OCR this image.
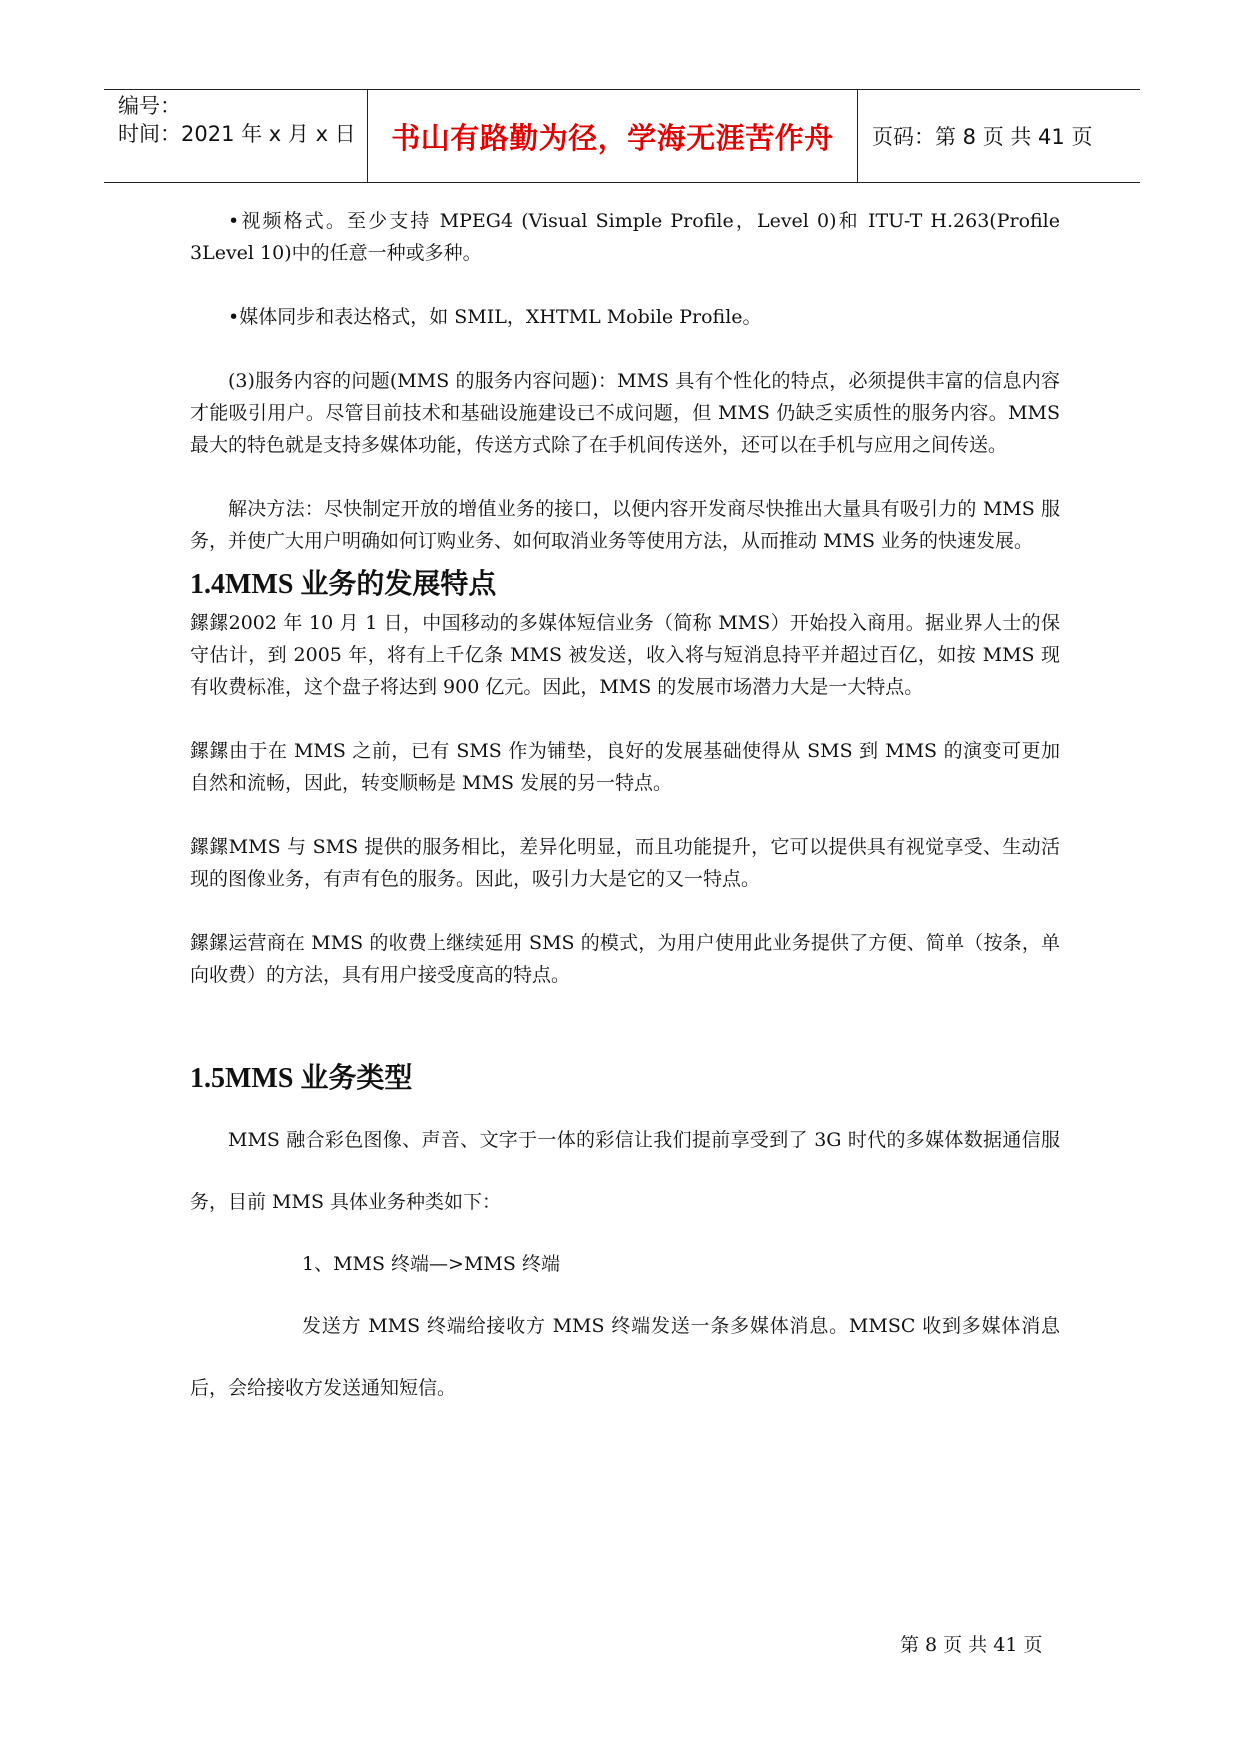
编号：
时间：2021 年 x 月 x 日	书山有路勤为径，学海无涯苦作舟	页码：第 8 页 共 41 页

•视频格式。至少支持 MPEG4 (Visual Simple Profile，Level 0)和 ITU-T H.263(Profile 3Level 10)中的任意一种或多种。

•媒体同步和表达格式，如 SMIL，XHTML Mobile Profile。

(3)服务内容的问题(MMS 的服务内容问题)：MMS 具有个性化的特点，必须提供丰富的信息内容才能吸引用户。尽管目前技术和基础设施建设已不成问题，但 MMS 仍缺乏实质性的服务内容。MMS 最大的特色就是支持多媒体功能，传送方式除了在手机间传送外，还可以在手机与应用之间传送。

解决方法：尽快制定开放的增值业务的接口，以便内容开发商尽快推出大量具有吸引力的 MMS 服务，并使广大用户明确如何订购业务、如何取消业务等使用方法，从而推动 MMS 业务的快速发展。

1.4MMS 业务的发展特点

鏍鏍2002 年 10 月 1 日，中国移动的多媒体短信业务（简称 MMS）开始投入商用。据业界人士的保守估计，到 2005 年，将有上千亿条 MMS 被发送，收入将与短消息持平并超过百亿，如按 MMS 现有收费标准，这个盘子将达到 900 亿元。因此，MMS 的发展市场潜力大是一大特点。

鏍鏍由于在 MMS 之前，已有 SMS 作为铺垫，良好的发展基础使得从 SMS 到 MMS 的演变可更加自然和流畅，因此，转变顺畅是 MMS 发展的另一特点。

鏍鏍MMS 与 SMS 提供的服务相比，差异化明显，而且功能提升，它可以提供具有视觉享受、生动活现的图像业务，有声有色的服务。因此，吸引力大是它的又一特点。

鏍鏍运营商在 MMS 的收费上继续延用 SMS 的模式，为用户使用此业务提供了方便、简单（按条，单向收费）的方法，具有用户接受度高的特点。

1.5MMS 业务类型

MMS 融合彩色图像、声音、文字于一体的彩信让我们提前享受到了 3G 时代的多媒体数据通信服务，目前 MMS 具体业务种类如下：

1、MMS 终端—>MMS 终端

发送方 MMS 终端给接收方 MMS 终端发送一条多媒体消息。MMSC 收到多媒体消息后，会给接收方发送通知短信。

第 8 页 共 41 页
